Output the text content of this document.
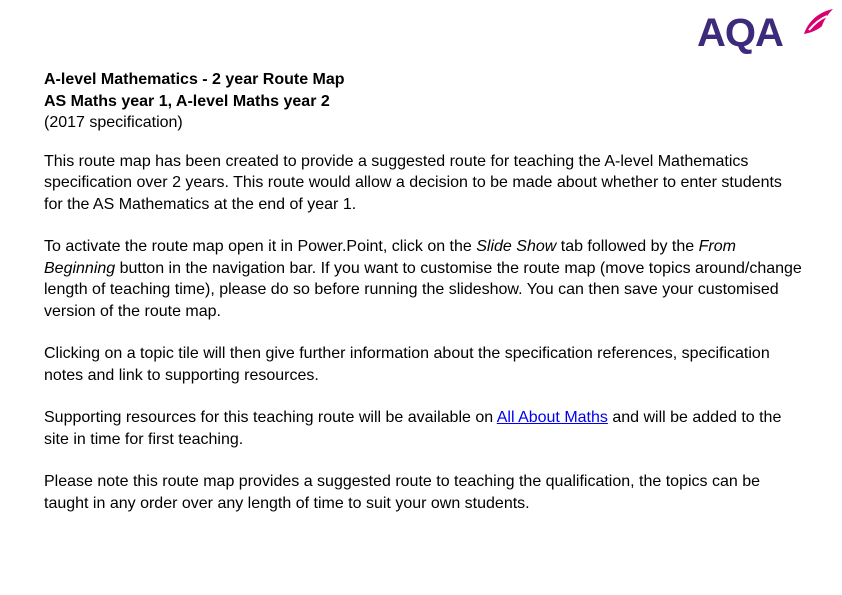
AQA
A-level Mathematics - 2 year Route Map
AS Maths year 1, A-level Maths year 2
(2017 specification)

This route map has been created to provide a suggested route for teaching the A-level Mathematics specification over 2 years. This route would allow a decision to be made about whether to enter students for the AS Mathematics at the end of year 1.

To activate the route map open it in Power.Point, click on the Slide Show tab followed by the From Beginning button in the navigation bar. If you want to customise the route map (move topics around/change length of teaching time), please do so before running the slideshow. You can then save your customised version of the route map.

Clicking on a topic tile will then give further information about the specification references, specification notes and link to supporting resources.

Supporting resources for this teaching route will be available on All About Maths and will be added to the site in time for first teaching.

Please note this route map provides a suggested route to teaching the qualification, the topics can be taught in any order over any length of time to suit your own students.
